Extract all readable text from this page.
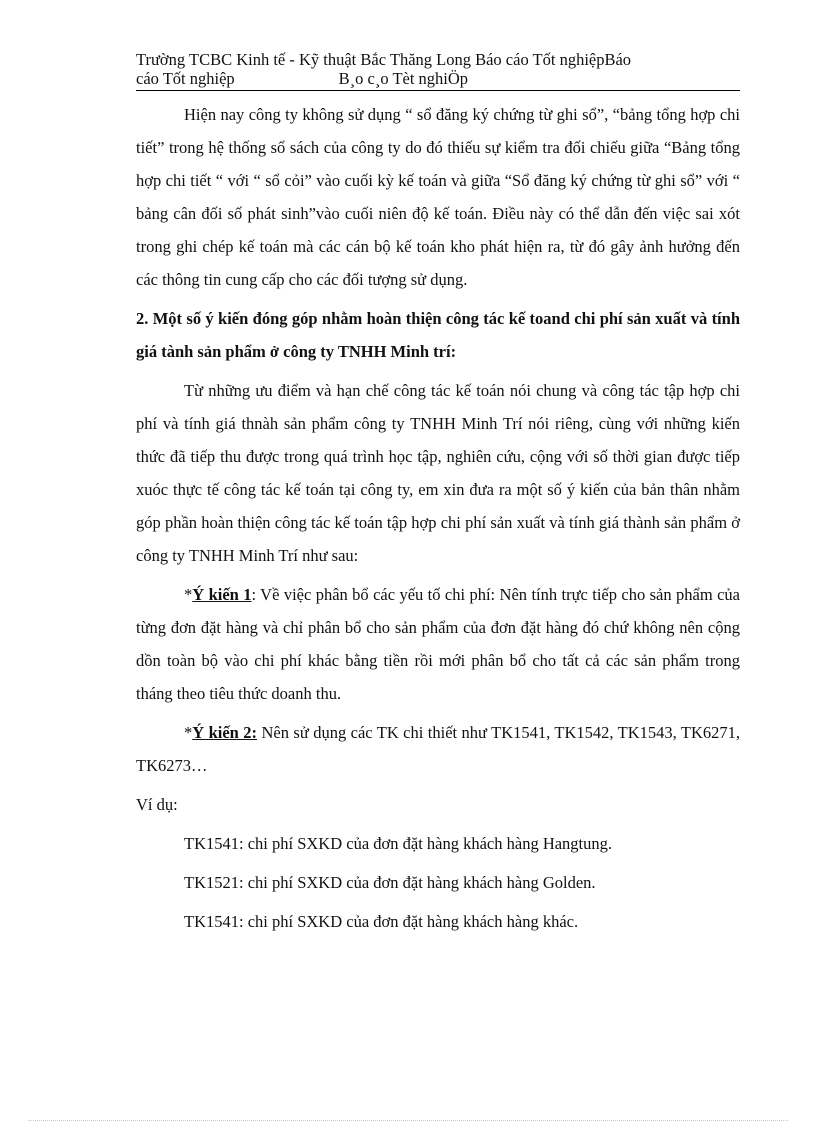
Trường TCBC Kinh tế - Kỹ thuật Bắc Thăng Long Báo cáo Tốt nghiệpBáo
cáo Tốt nghiệp	B¸o c¸o Tèt nghiÖp

Hiện nay công ty không sử dụng “ sổ đăng ký chứng từ ghi sổ”, “bảng tổng hợp chi tiết” trong hệ thống sổ sách của công ty do đó thiếu sự kiểm tra đối chiếu giữa “Bảng tổng hợp chi tiết “ với “ sổ cỏi” vào cuối kỳ kế toán và giữa “Sổ đăng ký chứng từ ghi sổ” với “ bảng cân đối số phát sinh”vào cuối niên độ kế toán. Điều này có thể dẫn đến việc sai xót trong ghi chép kế toán mà các cán bộ kế toán kho phát hiện ra, từ đó gây ảnh hưởng đến các thông tin cung cấp cho các đối tượng sử dụng.

2. Một số ý kiến đóng góp nhằm hoàn thiện công tác kế toand chi phí sản xuất và tính giá tành sản phẩm ở công ty TNHH Minh trí:

Từ những ưu điểm và hạn chế công tác kế toán nói chung và công tác tập hợp chi phí và tính giá thnàh sản phẩm công ty TNHH Minh Trí nói riêng, cùng với những kiến thức đã tiếp thu được trong quá trình học tập, nghiên cứu, cộng với số thời gian được tiếp xuóc thực tế công tác kế toán tại công ty, em xin đưa ra một số ý kiến của bản thân nhằm góp phần hoàn thiện công tác kế toán tập hợp chi phí sản xuất và tính giá thành sản phẩm ở công ty TNHH Minh Trí như sau:

*Ý kiến 1: Về việc phân bổ các yếu tố chi phí: Nên tính trực tiếp cho sản phẩm của từng đơn đặt hàng và chỉ phân bổ cho sản phẩm của đơn đặt hàng đó chứ không nên cộng dồn toàn bộ vào chi phí khác bằng tiền rồi mới phân bổ cho tất cả các sản phẩm trong tháng theo tiêu thức doanh thu.

*Ý kiến 2: Nên sử dụng các TK chi thiết như TK1541, TK1542, TK1543, TK6271, TK6273…

Ví dụ:

TK1541: chi phí SXKD của đơn đặt hàng khách hàng Hangtung.

TK1521: chi phí SXKD của đơn đặt hàng khách hàng Golden.

TK1541: chi phí SXKD của đơn đặt hàng khách hàng khác.
